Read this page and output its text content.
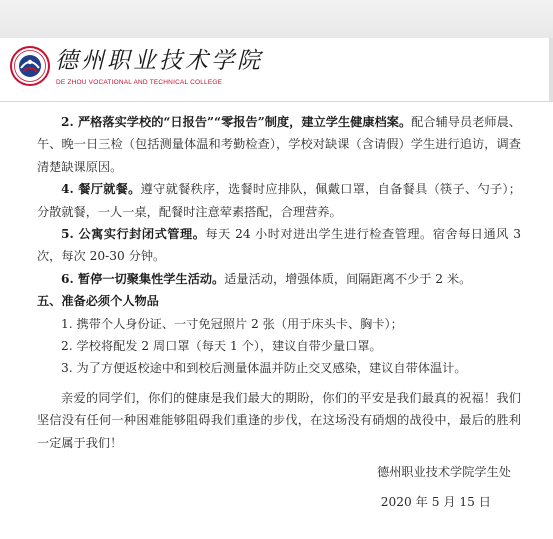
德州职业技术学院
DE ZHOU VOCATIONAL AND TECHNICAL COLLEGE

2. 严格落实学校的“日报告”“零报告”制度，建立学生健康档案。配合辅导员老师晨、午、晚一日三检（包括测量体温和考勤检查），学校对缺课（含请假）学生进行追访，调查清楚缺课原因。

4. 餐厅就餐。遵守就餐秩序，选餐时应排队，佩戴口罩，自备餐具（筷子、勺子）；分散就餐，一人一桌，配餐时注意荤素搭配，合理营养。

5. 公寓实行封闭式管理。每天 24 小时对进出学生进行检查管理。宿舍每日通风 3 次，每次 20-30 分钟。

6. 暂停一切聚集性学生活动。适量活动，增强体质，间隔距离不少于 2 米。

五、准备必须个人物品

1. 携带个人身份证、一寸免冠照片 2 张（用于床头卡、胸卡）；

2. 学校将配发 2 周口罩（每天 1 个），建议自带少量口罩。

3. 为了方便返校途中和到校后测量体温并防止交叉感染，建议自带体温计。

亲爱的同学们，你们的健康是我们最大的期盼，你们的平安是我们最真的祝福！我们坚信没有任何一种困难能够阻碍我们重逢的步伐，在这场没有硝烟的战役中，最后的胜利一定属于我们！

德州职业技术学院学生处

2020 年 5 月 15 日
